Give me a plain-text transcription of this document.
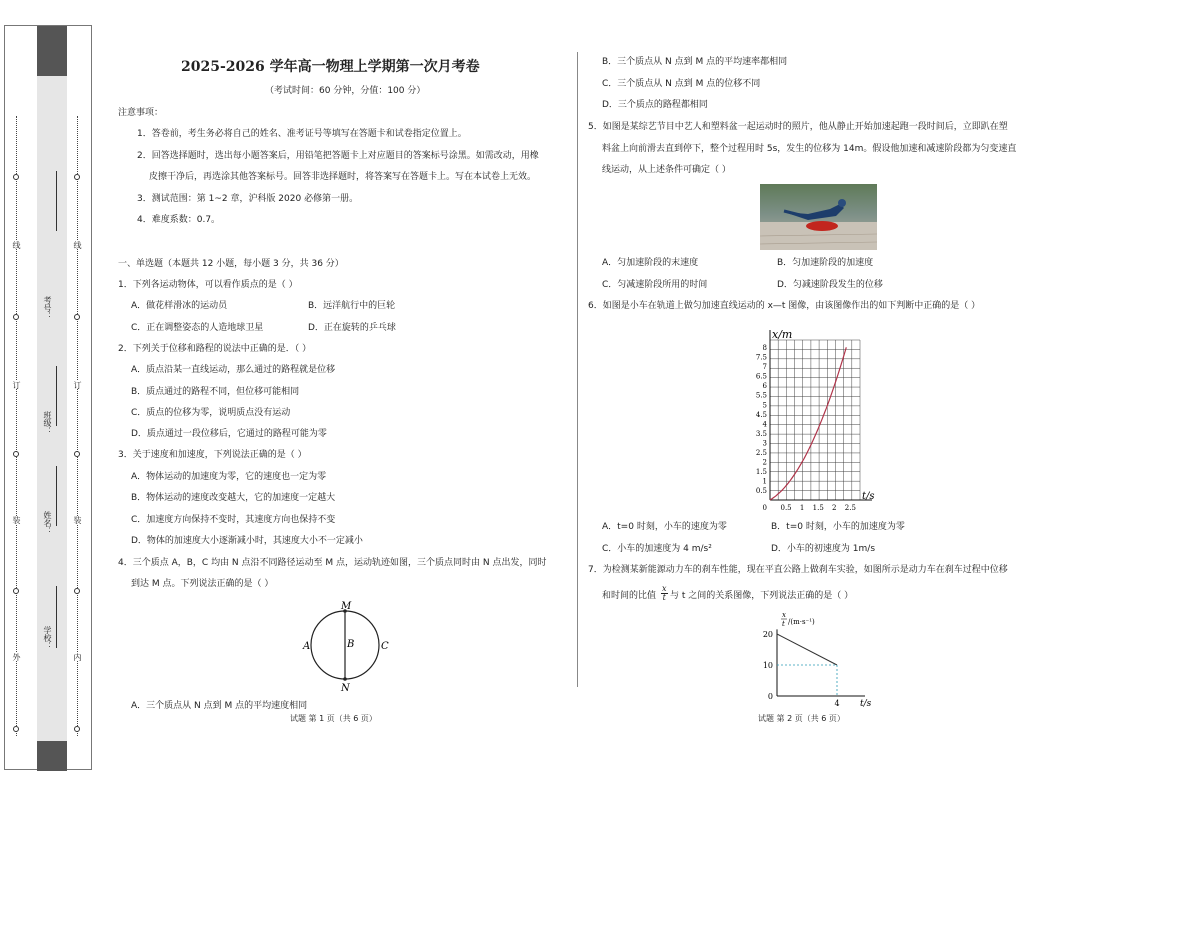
线
订
装
外
学校：
姓名：
班级：
考号：
线
订
装
内
2025-2026 学年高一物理上学期第一次月考卷
（考试时间：60 分钟，分值：100 分）
注意事项：
1．答卷前，考生务必将自己的姓名、准考证号等填写在答题卡和试卷指定位置上。
2．回答选择题时，选出每小题答案后，用铅笔把答题卡上对应题目的答案标号涂黑。如需改动，用橡
皮擦干净后，再选涂其他答案标号。回答非选择题时，将答案写在答题卡上。写在本试卷上无效。
3．测试范围：第 1~2 章，沪科版 2020 必修第一册。
4．难度系数：0.7。
一、单选题（本题共 12 小题，每小题 3 分，共 36 分）
1．下列各运动物体，可以看作质点的是（ ）
A．做花样滑冰的运动员	B．远洋航行中的巨轮
C．正在调整姿态的人造地球卫星	D．正在旋转的乒乓球
2．下列关于位移和路程的说法中正确的是．（ ）
A．质点沿某一直线运动，那么通过的路程就是位移
B．质点通过的路程不同，但位移可能相同
C．质点的位移为零，说明质点没有运动
D．质点通过一段位移后，它通过的路程可能为零
3．关于速度和加速度，下列说法正确的是（ ）
A．物体运动的加速度为零，它的速度也一定为零
B．物体运动的速度改变越大，它的加速度一定越大
C．加速度方向保持不变时，其速度方向也保持不变
D．物体的加速度大小逐渐减小时，其速度大小不一定减小
4．三个质点 A，B，C 均由 N 点沿不同路径运动至 M 点，运动轨迹如图，三个质点同时由 N 点出发，同时
到达 M 点。下列说法正确的是（ ）
M
N
A	B	C
A．三个质点从 N 点到 M 点的平均速度相同
试题 第 1 页（共 6 页）
B．三个质点从 N 点到 M 点的平均速率都相同
C．三个质点从 N 点到 M 点的位移不同
D．三个质点的路程都相同
5．如图是某综艺节目中艺人和塑料盆一起运动时的照片，他从静止开始加速起跑一段时间后，立即趴在塑
料盆上向前滑去直到停下，整个过程用时 5s，发生的位移为 14m。假设他加速和减速阶段都为匀变速直
线运动，从上述条件可确定（ ）
A．匀加速阶段的末速度	B．匀加速阶段的加速度
C．匀减速阶段所用的时间	D．匀减速阶段发生的位移
6．如图是小车在轨道上做匀加速直线运动的 x—t 图像，由该图像作出的如下判断中正确的是（ ）
0.5
1
1.5
2
2.5
3
3.5
4
4.5
5
5.5
6
6.5
7
7.5
8
0.5 1 1.5 2 2.5
0
x/m
t/s
A．t=0 时刻，小车的速度为零	B．t=0 时刻，小车的加速度为零
C．小车的加速度为 4 m/s²	D．小车的初速度为 1m/s
7．为检测某新能源动力车的刹车性能，现在平直公路上做刹车实验，如图所示是动力车在刹车过程中位移
和时间的比值
x
t 与 t 之间的关系图像，下列说法正确的是（ ）
0
10
20
4
x
t /(m·s⁻¹)
t/s
试题 第 2 页（共 6 页）
